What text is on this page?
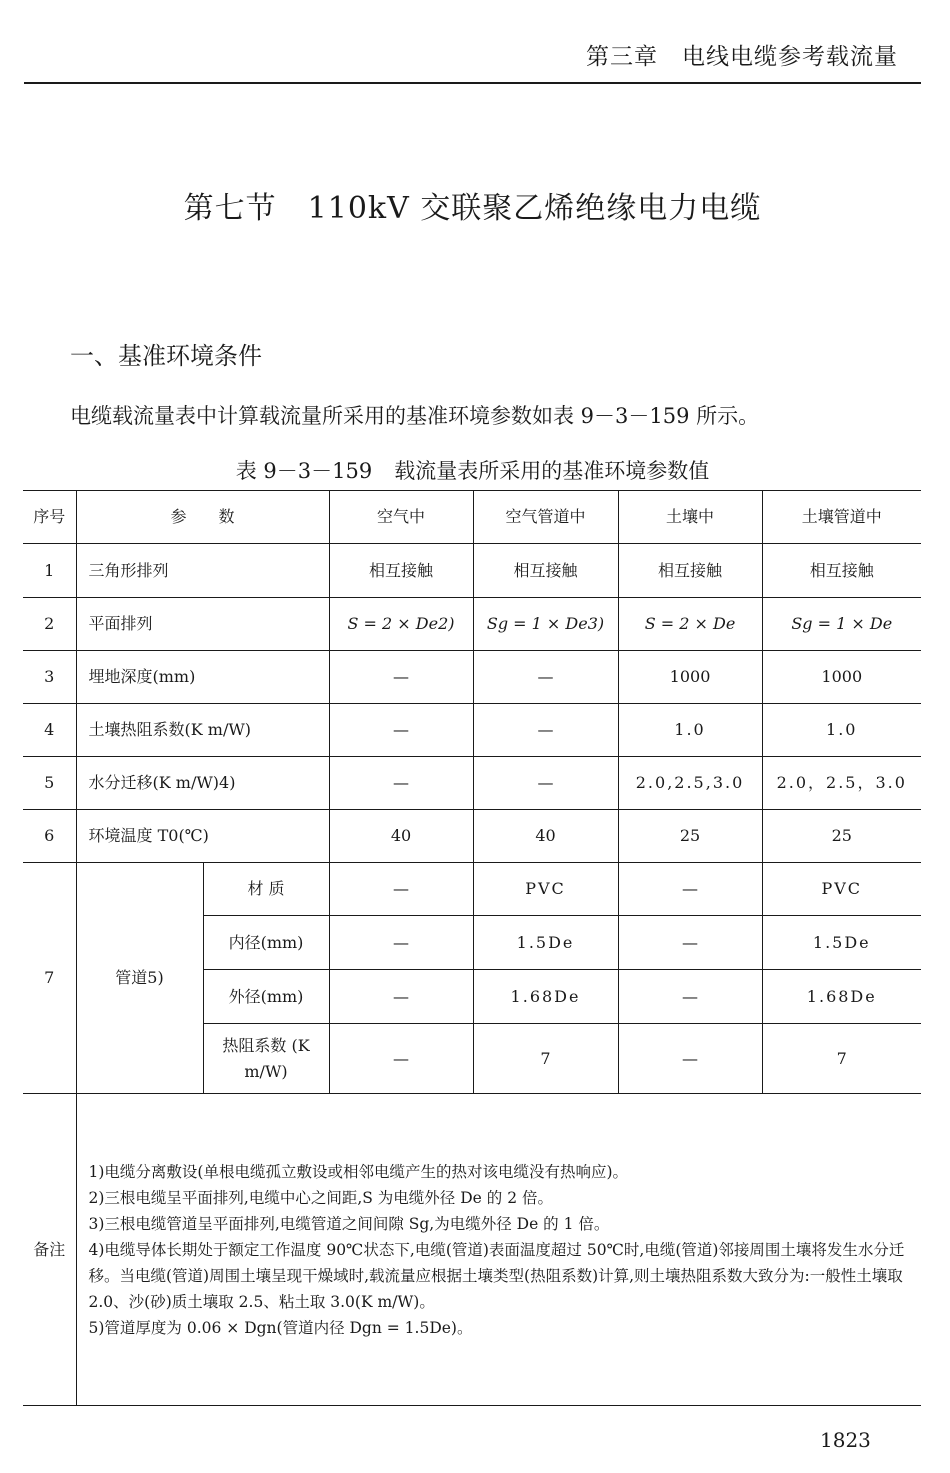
第三章　电线电缆参考载流量
第七节　110kV 交联聚乙烯绝缘电力电缆
一、基准环境条件
电缆载流量表中计算载流量所采用的基准环境参数如表 9－3－159 所示。
表 9－3－159 载流量表所采用的基准环境参数值
序号	参　　数		空气中	空气管道中	土壤中	土壤管道中
1	三角形排列		相互接触	相互接触	相互接触	相互接触
2	平面排列		S = 2 × De2)	Sg = 1 × De3)	S = 2 × De	Sg = 1 × De
3	埋地深度(mm)		—	—	1000	1000
4	土壤热阻系数(K m/W)		—	—	1.0	1.0
5	水分迁移(K m/W)4)		—	—	2.0,2.5,3.0	2.0，2.5，3.0
6	环境温度 T0(℃)		40	40	25	25
7	管道5)	材 质	—	PVC	—	PVC
		内径(mm)	—	1.5De	—	1.5De
		外径(mm)	—	1.68De	—	1.68De
		热阻系数 (K m/W)	—	7	—	7
备注	1)电缆分离敷设(单根电缆孤立敷设或相邻电缆产生的热对该电缆没有热响应)。
2)三根电缆呈平面排列,电缆中心之间距,S 为电缆外径 De 的 2 倍。
3)三根电缆管道呈平面排列,电缆管道之间间隙 Sg,为电缆外径 De 的 1 倍。
4)电缆导体长期处于额定工作温度 90℃状态下,电缆(管道)表面温度超过 50℃时,电缆(管道)邻接周围土壤将发生水分迁移。当电缆(管道)周围土壤呈现干燥域时,载流量应根据土壤类型(热阻系数)计算,则土壤热阻系数大致分为:一般性土壤取 2.0、沙(砂)质土壤取 2.5、粘土取 3.0(K m/W)。
5)管道厚度为 0.06 × Dgn(管道内径 Dgn = 1.5De)。					
1823
